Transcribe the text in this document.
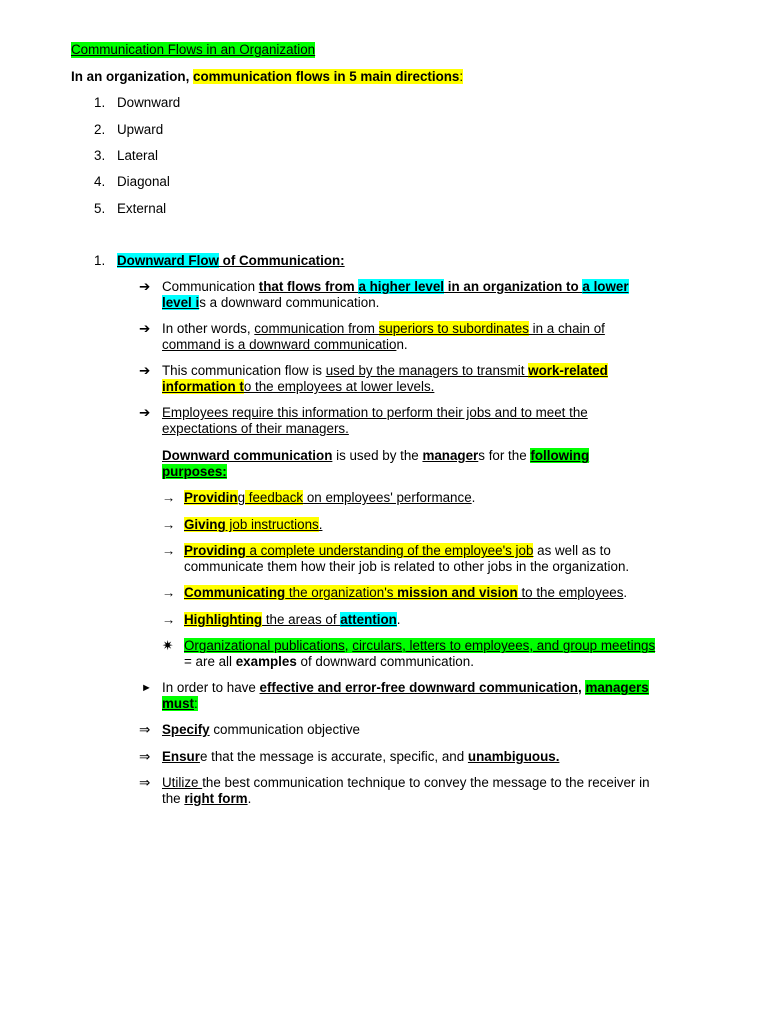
Communication Flows in an Organization
In an organization, communication flows in 5 main directions:
1. Downward
2. Upward
3. Lateral
4. Diagonal
5. External
1. Downward Flow of Communication:
➔ Communication that flows from a higher level in an organization to a lower
level is a downward communication.
➔ In other words, communication from superiors to subordinates in a chain of
command is a downward communication.
➔ This communication flow is used by the managers to transmit work-related
information to the employees at lower levels.
➔ Employees require this information to perform their jobs and to meet the
expectations of their managers.
Downward communication is used by the managers for the following
purposes:
→ Providing feedback on employees' performance.
→ Giving job instructions.
→ Providing a complete understanding of the employee's job as well as to
communicate them how their job is related to other jobs in the organization.
→ Communicating the organization's mission and vision to the employees.
→ Highlighting the areas of attention.
✷ Organizational publications, circulars, letters to employees, and group meetings
= are all examples of downward communication.
► In order to have effective and error-free downward communication, managers
must:
⇒ Specify communication objective
⇒ Ensure that the message is accurate, specific, and unambiguous.
⇒ Utilize the best communication technique to convey the message to the receiver in
the right form.
